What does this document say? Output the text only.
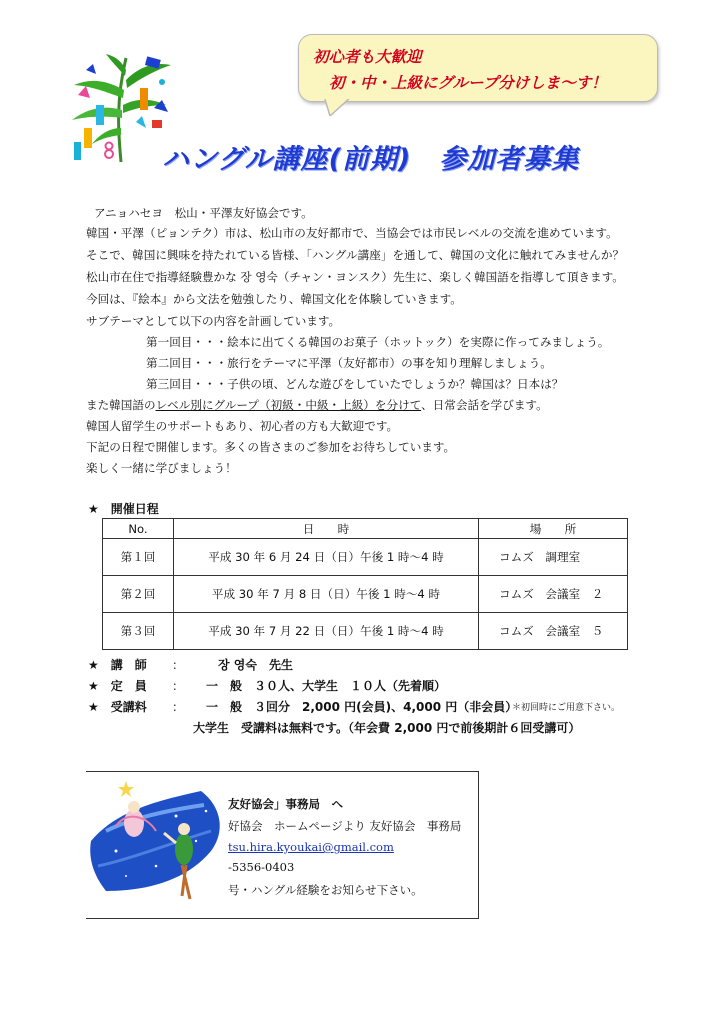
初心者も大歓迎
初・中・上級にグループ分けしま～す！
ハングル講座(前期)　参加者募集
アニョハセヨ　松山・平澤友好協会です。
韓国・平澤（ピョンテク）市は、松山市の友好都市で、当協会では市民レベルの交流を進めています。
そこで、韓国に興味を持たれている皆様、「ハングル講座」を通して、韓国の文化に触れてみませんか？
松山市在住で指導経験豊かな 장 영숙（チャン・ヨンスク）先生に、楽しく韓国語を指導して頂きます。
今回は、『絵本』から文法を勉強したり、韓国文化を体験していきます。
サブテーマとして以下の内容を計画しています。
第一回目・・・絵本に出てくる韓国のお菓子（ホットック）を実際に作ってみましょう。
第二回目・・・旅行をテーマに平澤（友好都市）の事を知り理解しましょう。
第三回目・・・子供の頃、どんな遊びをしていたでしょうか？韓国は？日本は？
また韓国語のレベル別にグループ（初級・中級・上級）を分けて、日常会話を学びます。
韓国人留学生のサポートもあり、初心者の方も大歓迎です。
下記の日程で開催します。多くの皆さまのご参加をお待ちしています。
楽しく一緒に学びましょう！
★　開催日程
No.	日　　時	場　　所
第１回	平成 30 年 6 月 24 日（日）午後 1 時～4 時	コムズ　調理室
第２回	平成 30 年 7 月 8 日（日）午後 1 時～4 時	コムズ　会議室　２
第３回	平成 30 年 7 月 22 日（日）午後 1 時～4 時	コムズ　会議室　５
★　講　師 ：	장 영숙　先生
★　定　員 ： 一　般　３０人、大学生　１０人（先着順）
★　受講料 ： 一　般　３回分　2,000 円(会員)、4,000 円（非会員）
＊初回時にご用意下さい。
大学生　受講料は無料です。（年会費 2,000 円で前後期計６回受講可）
友好協会」事務局　へ
好協会　ホームページより 友好協会　事務局
tsu.hira.kyoukai@gmail.com
-5356-0403
号・ハングル経験をお知らせ下さい。
